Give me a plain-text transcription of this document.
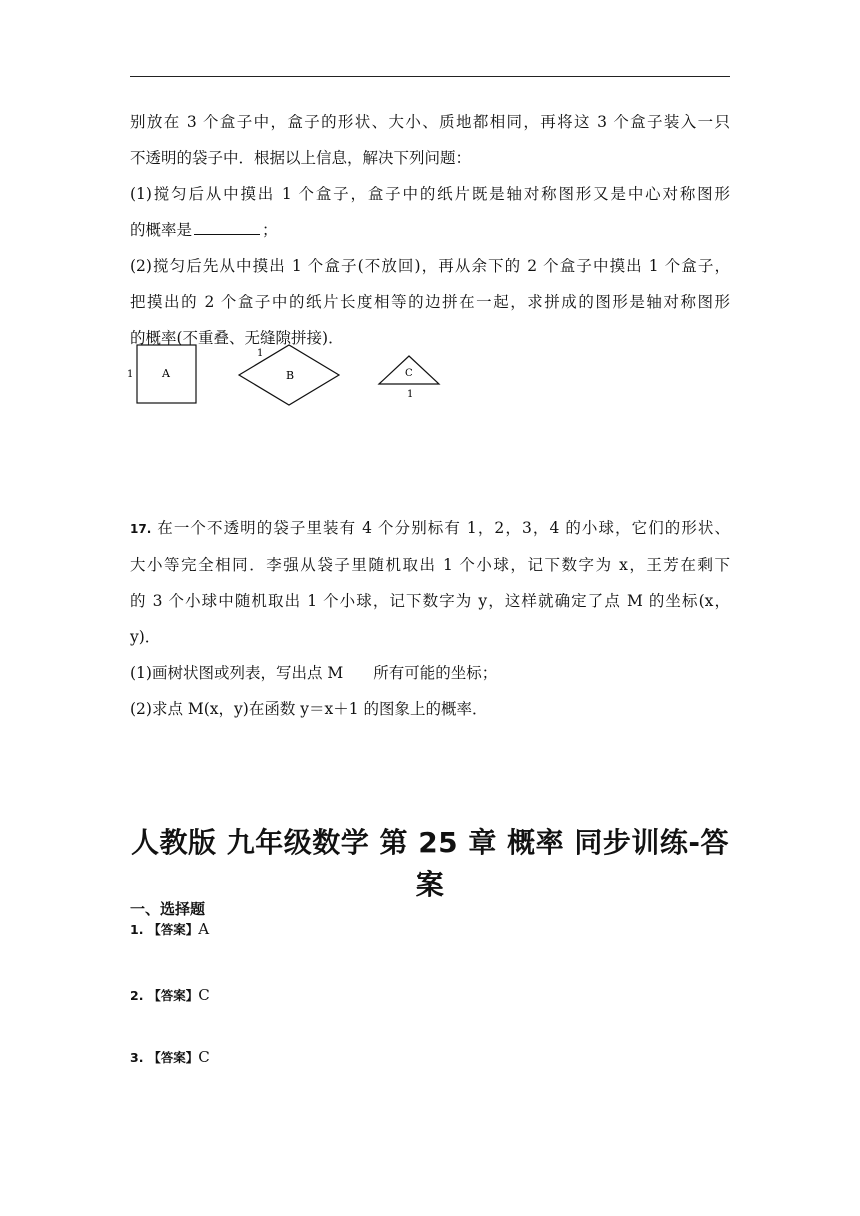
别放在 3 个盒子中，盒子的形状、大小、质地都相同，再将这 3 个盒子装入一只
不透明的袋子中．根据以上信息，解决下列问题：
(1)搅匀后从中摸出 1 个盒子，盒子中的纸片既是轴对称图形又是中心对称图形
的概率是	；
(2)搅匀后先从中摸出 1 个盒子(不放回)，再从余下的 2 个盒子中摸出 1 个盒子，
把摸出的 2 个盒子中的纸片长度相等的边拼在一起，求拼成的图形是轴对称图形
的概率(不重叠、无缝隙拼接)．
A
1	B
1
C
1
17. 在一个不透明的袋子里装有 4 个分别标有 1，2，3，4 的小球，它们的形状、
大小等完全相同．李强从袋子里随机取出 1 个小球，记下数字为 x，王芳在剩下
的 3 个小球中随机取出 1 个小球，记下数字为 y，这样就确定了点 M 的坐标(x，
y)．
(1)画树状图或列表，写出点 M 所有可能的坐标；
(2)求点 M(x，y)在函数 y＝x＋1 的图象上的概率．
人教版 九年级数学 第 25 章 概率 同步训练-答案
一、选择题
1. 【答案】A
2. 【答案】C
3. 【答案】C
